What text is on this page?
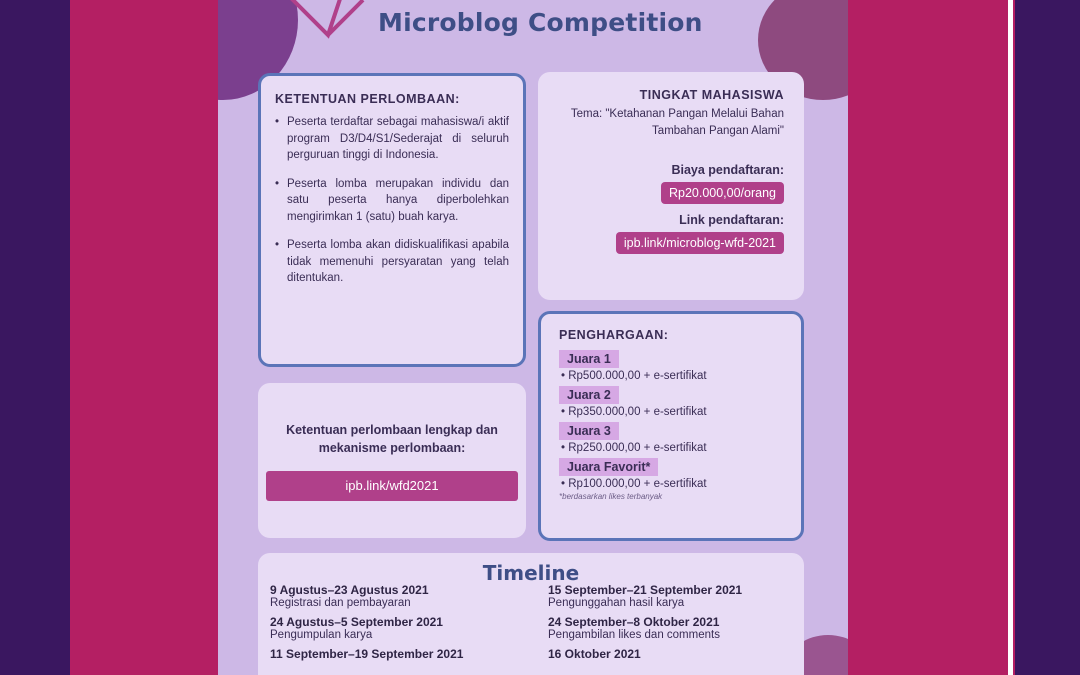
Microblog Competition
KETENTUAN PERLOMBAAN:
• Peserta terdaftar sebagai mahasiswa/i aktif program D3/D4/S1/Sederajat di seluruh perguruan tinggi di Indonesia.
• Peserta lomba merupakan individu dan satu peserta hanya diperbolehkan mengirimkan 1 (satu) buah karya.
• Peserta lomba akan didiskualifikasi apabila tidak memenuhi persyaratan yang telah ditentukan.
TINGKAT MAHASISWA
Tema: "Ketahanan Pangan Melalui Bahan Tambahan Pangan Alami"
Biaya pendaftaran:
Rp20.000,00/orang
Link pendaftaran:
ipb.link/microblog-wfd-2021
Ketentuan perlombaan lengkap dan mekanisme perlombaan:
ipb.link/wfd2021
PENGHARGAAN:
Juara 1
• Rp500.000,00 + e-sertifikat
Juara 2
• Rp350.000,00 + e-sertifikat
Juara 3
• Rp250.000,00 + e-sertifikat
Juara Favorit*
• Rp100.000,00 + e-sertifikat
*berdasarkan likes terbanyak
Timeline
9 Agustus–23 Agustus 2021
Registrasi dan pembayaran
24 Agustus–5 September 2021
Pengumpulan karya
11 September–19 September 2021
15 September–21 September 2021
Pengunggahan hasil karya
24 September–8 Oktober 2021
Pengambilan likes dan comments
16 Oktober 2021
